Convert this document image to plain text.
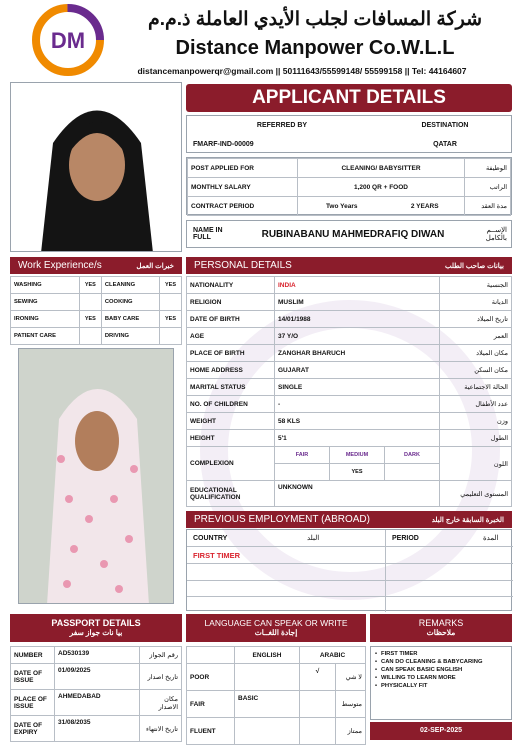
DM
شركة المسافات لجلب الأيدي العاملة ذ.م.م
Distance Manpower Co.W.L.L
distancemanpowerqr@gmail.com || 50111643/55599148/ 55599158 || Tel: 44164607
APPLICANT DETAILS
REFERRED BY	DESTINATION
FMARF-IND-00009	QATAR
POST APPLIED FOR	CLEANING/ BABYSITTER		الوظيفة
MONTHLY SALARY	1,200 QR + FOOD		الراتب
CONTRACT PERIOD	Two Years	2 YEARS	مدة العقد
NAME IN FULL	RUBINABANU MAHMEDRAFIQ DIWAN	الإســم بالكامل
Work Experience/s	خبرات العمل
WASHING	YES	CLEANING	YES
SEWING		COOKING	
IRONING	YES	BABY CARE	YES
PATIENT CARE		DRIVING	
PERSONAL DETAILS	بيانات صاحب الطلب
NATIONALITY	INDIA			الجنسية
RELIGION	MUSLIM			الديانة
DATE OF BIRTH	14/01/1988			تاريخ الميلاد
AGE	37 Y/O			العمر
PLACE OF BIRTH	ZANGHAR BHARUCH			مكان الميلاد
HOME ADDRESS	GUJARAT			مكان السكن
MARITAL STATUS	SINGLE			الحالة الاجتماعية
NO. OF CHILDREN	-			عدد الأطفال
WEIGHT	58 KLS			وزن
HEIGHT	5'1			الطول
COMPLEXION	FAIR	MEDIUM	DARK	اللون
		YES		
EDUCATIONAL QUALIFICATION	UNKNOWN			المستوى التعليمي
PREVIOUS EMPLOYMENT (ABROAD)	الخبرة السابقة خارج البلد
COUNTRY	البلد	PERIOD	المدة
FIRST TIMER
PASSPORT DETAILS
بيا نات جواز سفر
NUMBER	AD530139	رقم الجواز
DATE OF ISSUE	01/09/2025	تاريخ اصدار
PLACE OF ISSUE	AHMEDABAD	مكان الاصدار
DATE OF EXPIRY	31/08/2035	تاريخ الانتهاء
LANGUAGE CAN SPEAK OR WRITE
إجادة اللغــات
	ENGLISH	ARABIC	
POOR		√	لا شي
FAIR	BASIC		متوسط
FLUENT			ممتاز
REMARKS
ملاحظات
• FIRST TIMER
• CAN DO CLEANING & BABYCARING
• CAN SPEAK BASIC ENGLISH
• WILLING TO LEARN MORE
• PHYSICALLY FIT
02-SEP-2025
